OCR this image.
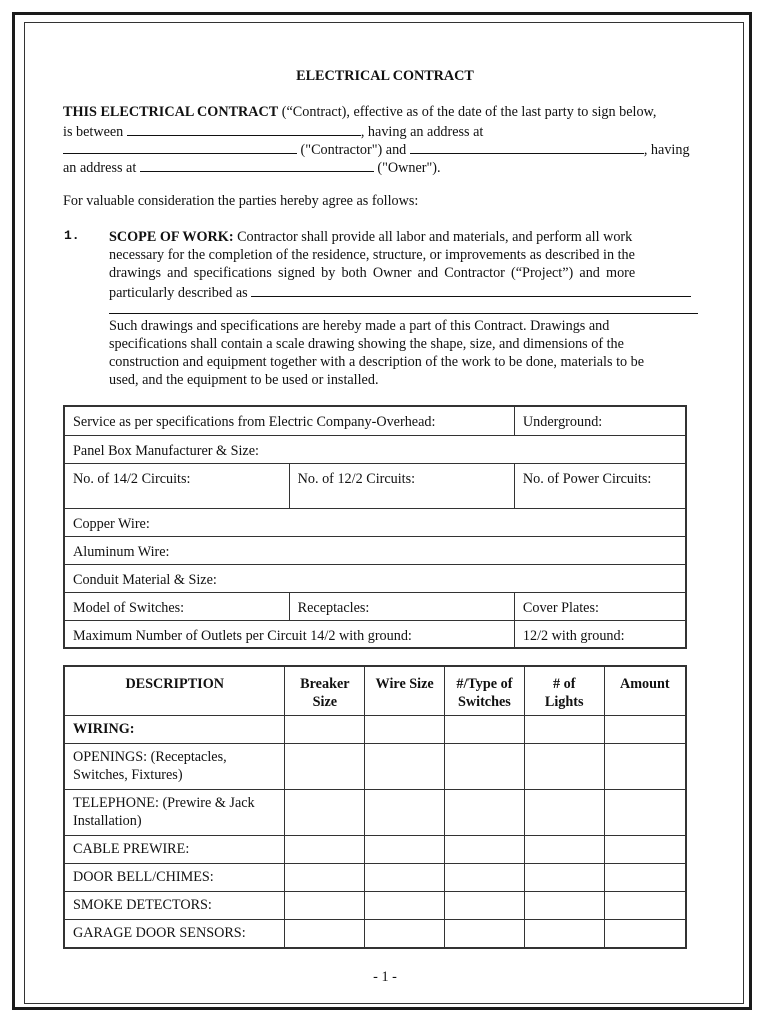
ELECTRICAL CONTRACT
THIS ELECTRICAL CONTRACT (“Contract), effective as of the date of the last party to sign below,
is between	, having an address at
("Contractor") and	, having
an address at	("Owner").
For valuable consideration the parties hereby agree as follows:
1. SCOPE OF WORK: Contractor shall provide all labor and materials, and perform all work
necessary for the completion of the residence, structure, or improvements as described in the
drawings and specifications signed by both Owner and Contractor (“Project”) and more
particularly described as
Such drawings and specifications are hereby made a part of this Contract. Drawings and
specifications shall contain a scale drawing showing the shape, size, and dimensions of the
construction and equipment together with a description of the work to be done, materials to be
used, and the equipment to be used or installed.
Service as per specifications from Electric Company-Overhead:		Underground:
Panel Box Manufacturer & Size:		
No. of 14/2 Circuits:	No. of 12/2 Circuits:	No. of Power Circuits:
Copper Wire:		
Aluminum Wire:		
Conduit Material & Size:		
Model of Switches:	Receptacles:	Cover Plates:
Maximum Number of Outlets per Circuit 14/2 with ground:		12/2 with ground:
DESCRIPTION	Breaker Size	Wire Size	#/Type of Switches	# of Lights	Amount
WIRING:					
OPENINGS: (Receptacles, Switches, Fixtures)					
TELEPHONE: (Prewire & Jack Installation)					
CABLE PREWIRE:					
DOOR BELL/CHIMES:					
SMOKE DETECTORS:					
GARAGE DOOR SENSORS:					
- 1 -
